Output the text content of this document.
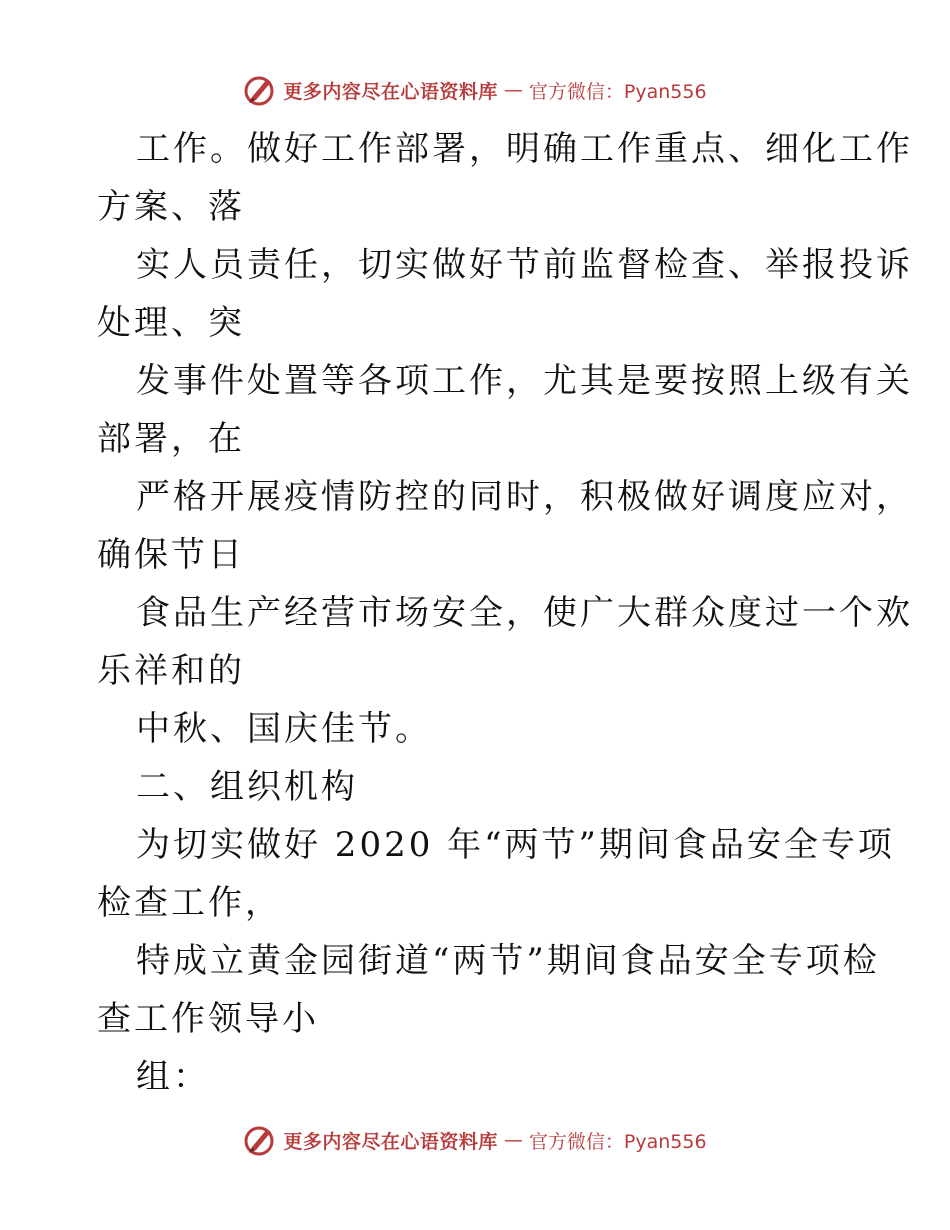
更多内容尽在心语资料库 — 官方微信：Pyan556
工作。做好工作部署，明确工作重点、细化工作
方案、落
实人员责任，切实做好节前监督检查、举报投诉
处理、突
发事件处置等各项工作，尤其是要按照上级有关
部署，在
严格开展疫情防控的同时，积极做好调度应对，
确保节日
食品生产经营市场安全，使广大群众度过一个欢
乐祥和的
中秋、国庆佳节。
二、组织机构
为切实做好 2020 年“两节”期间食品安全专项
检查工作，
特成立黄金园街道“两节”期间食品安全专项检
查工作领导小
组：
更多内容尽在心语资料库 — 官方微信：Pyan556
